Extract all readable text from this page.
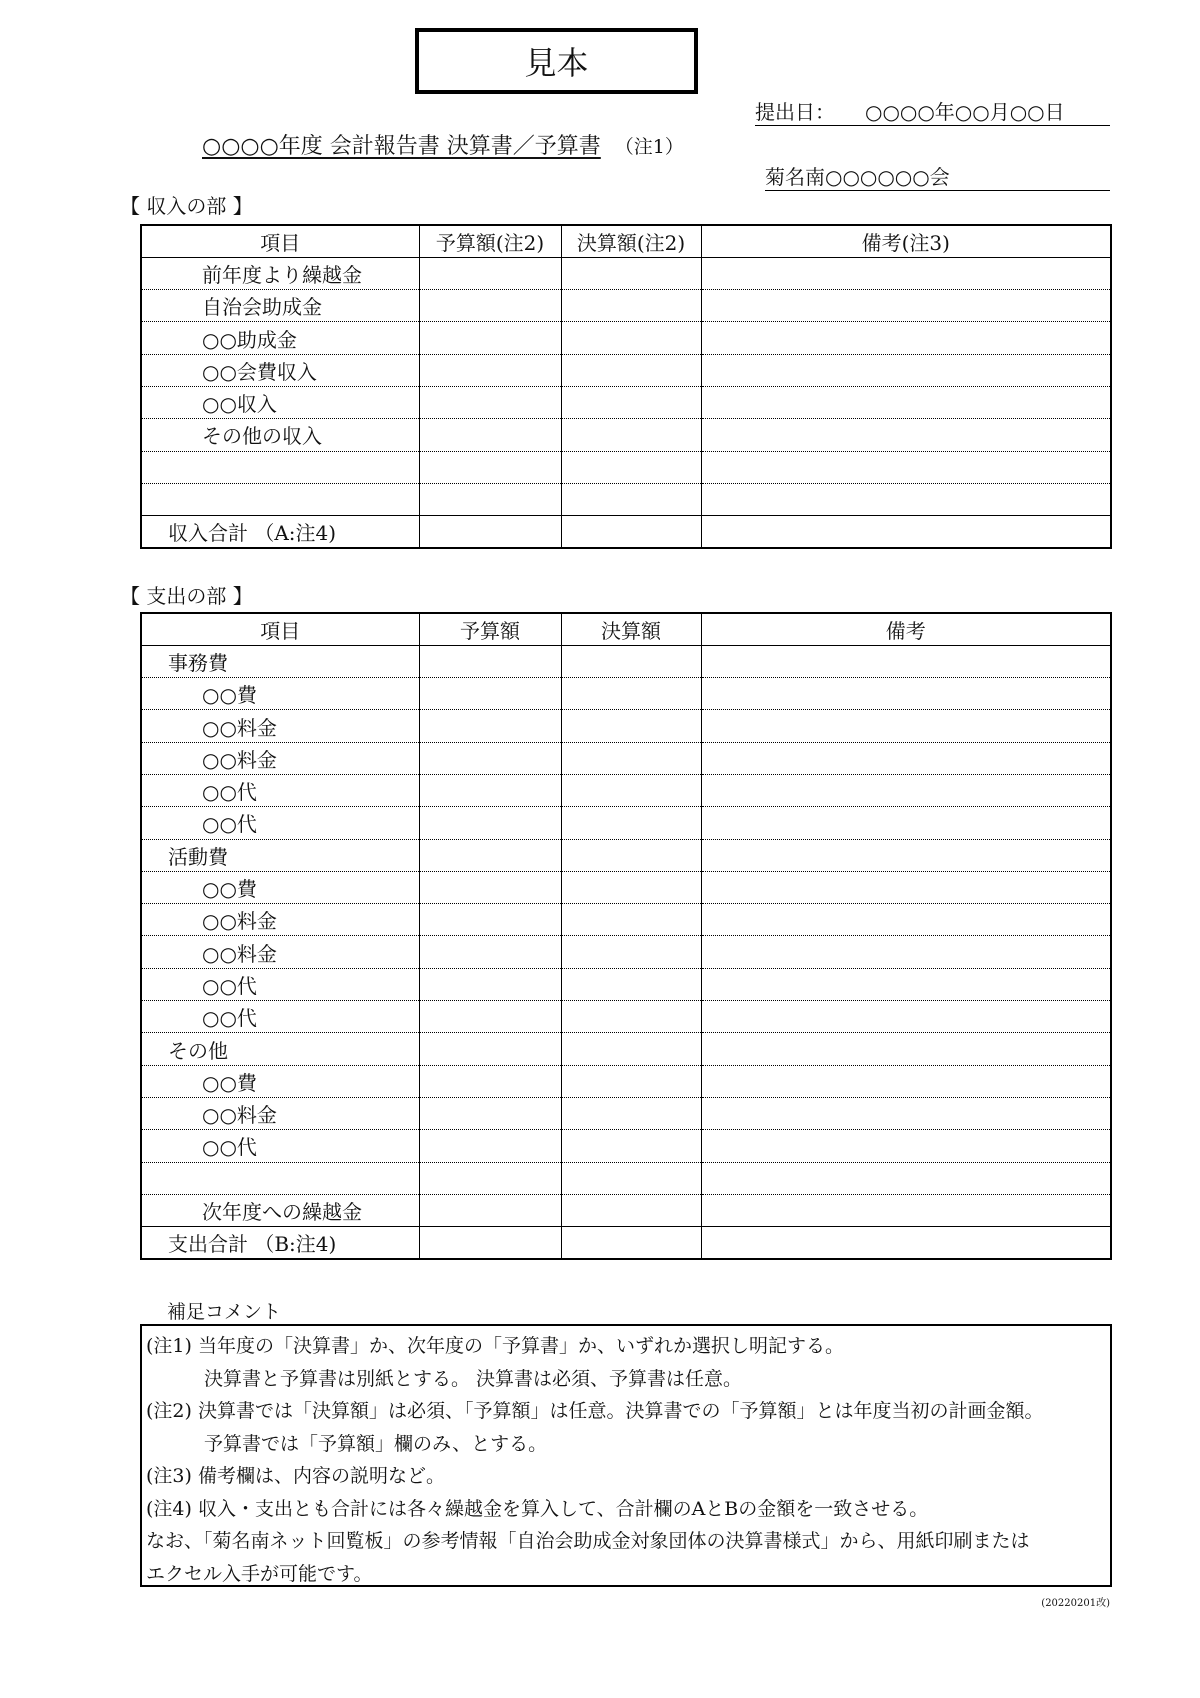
見本
提出日： ○○○○年○○月○○日
○○○○年度 会計報告書 決算書／予算書 （注1）
菊名南○○○○○○会
【 収入の部 】
項目	予算額(注2)	決算額(注2)	備考(注3)
前年度より繰越金			
自治会助成金			
○○助成金			
○○会費収入			
○○収入			
その他の収入			

収入合計 （A:注4)			
【 支出の部 】
項目	予算額	決算額	備考
事務費			
○○費			
○○料金			
○○料金			
○○代			
○○代			
活動費			
○○費			
○○料金			
○○料金			
○○代			
○○代			
その他			
○○費			
○○料金			
○○代			

次年度への繰越金			
支出合計 （B:注4)			
補足コメント
(注1) 当年度の「決算書」か、次年度の「予算書」か、いずれか選択し明記する。
決算書と予算書は別紙とする。 決算書は必須、予算書は任意。
(注2) 決算書では「決算額」は必須、「予算額」は任意。決算書での「予算額」とは年度当初の計画金額。
予算書では「予算額」欄のみ、とする。
(注3) 備考欄は、内容の説明など。
(注4) 収入・支出とも合計には各々繰越金を算入して、合計欄のAとBの金額を一致させる。
なお、「菊名南ネット回覧板」の参考情報「自治会助成金対象団体の決算書様式」から、用紙印刷または
エクセル入手が可能です。
(20220201改)
